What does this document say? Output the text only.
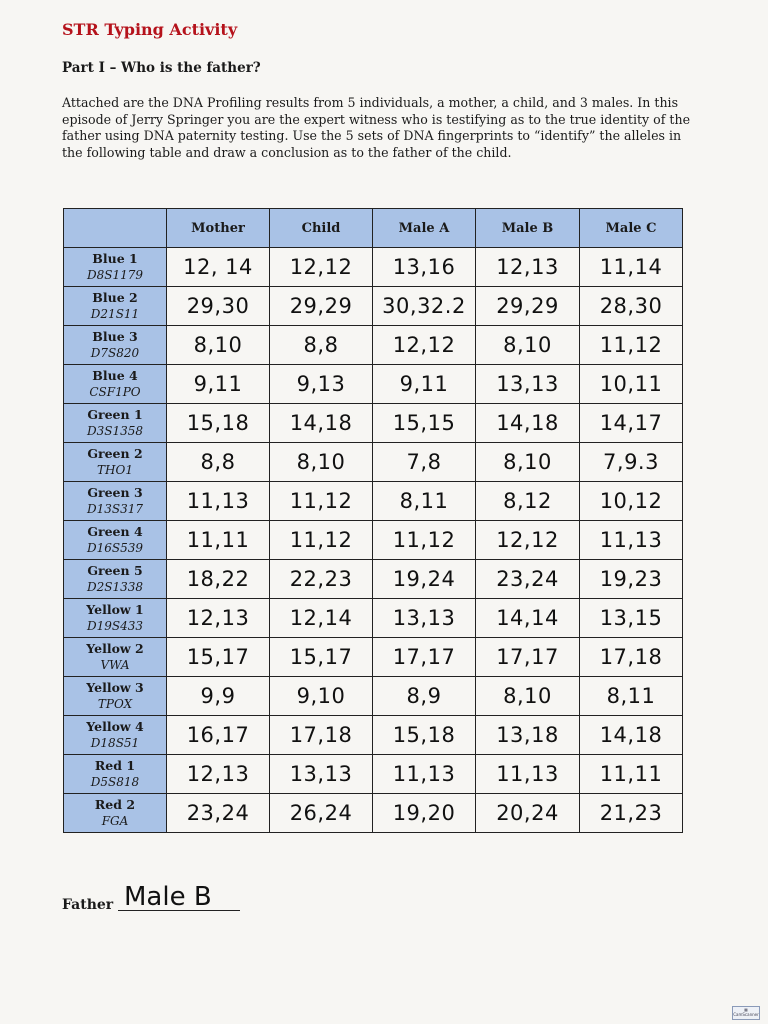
STR Typing Activity
Part I – Who is the father?
Attached are the DNA Profiling results from 5 individuals, a mother, a child, and 3 males. In this episode of Jerry Springer you are the expert witness who is testifying as to the true identity of the father using DNA paternity testing. Use the 5 sets of DNA fingerprints to “identify” the alleles in the following table and draw a conclusion as to the father of the child.
	Mother	Child	Male A	Male B	Male C

Blue 1
D8S1179	12, 14	12,12	13,16	12,13	11,14

Blue 2
D21S11	29,30	29,29	30,32.2	29,29	28,30

Blue 3
D7S820	8,10	8,8	12,12	8,10	11,12

Blue 4
CSF1PO	9,11	9,13	9,11	13,13	10,11

Green 1
D3S1358	15,18	14,18	15,15	14,18	14,17

Green 2
THO1	8,8	8,10	7,8	8,10	7,9.3

Green 3
D13S317	11,13	11,12	8,11	8,12	10,12

Green 4
D16S539	11,11	11,12	11,12	12,12	11,13

Green 5
D2S1338	18,22	22,23	19,24	23,24	19,23

Yellow 1
D19S433	12,13	12,14	13,13	14,14	13,15

Yellow 2
VWA	15,17	15,17	17,17	17,17	17,18

Yellow 3
TPOX	9,9	9,10	8,9	8,10	8,11

Yellow 4
D18S51	16,17	17,18	15,18	13,18	14,18

Red 1
D5S818	12,13	13,13	11,13	11,13	11,11

Red 2
FGA	23,24	26,24	19,20	20,24	21,23
Father Male B
▦ CamScanner
